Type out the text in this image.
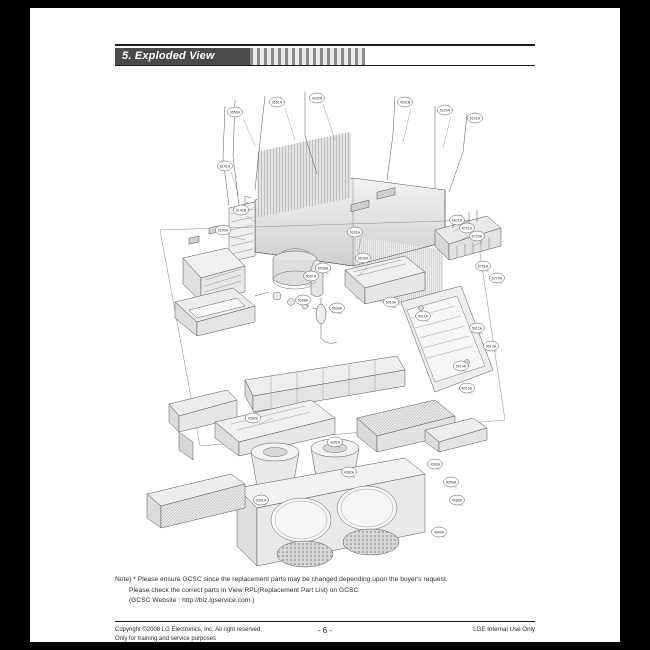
5. Exploded View
3550A
3551A
4930A
4931B
5220A
5221A
6141A
6142B
6200A	6201A
6630A
6631B
6711A
6750A
6751A
6770A
5006A
5007A
5008A
5009A
5010A
5011A
5012A
5013A
5014A
5015A
4280A
4281A
4282A
4283A
4284A
4285A
4900A
4901A
Note) * Please ensure GCSC since the replacement parts may be changed depending upon the buyer's request.
Please check the correct parts in View RPL(Replacement Part List) on GCSC
(GCSC Website : http://biz.lgservice.com.)
Copyright ©2008 LG Electronics. Inc. All right reserved.
Only for training and service purposes
- 6 -	LGE Internal Use Only
